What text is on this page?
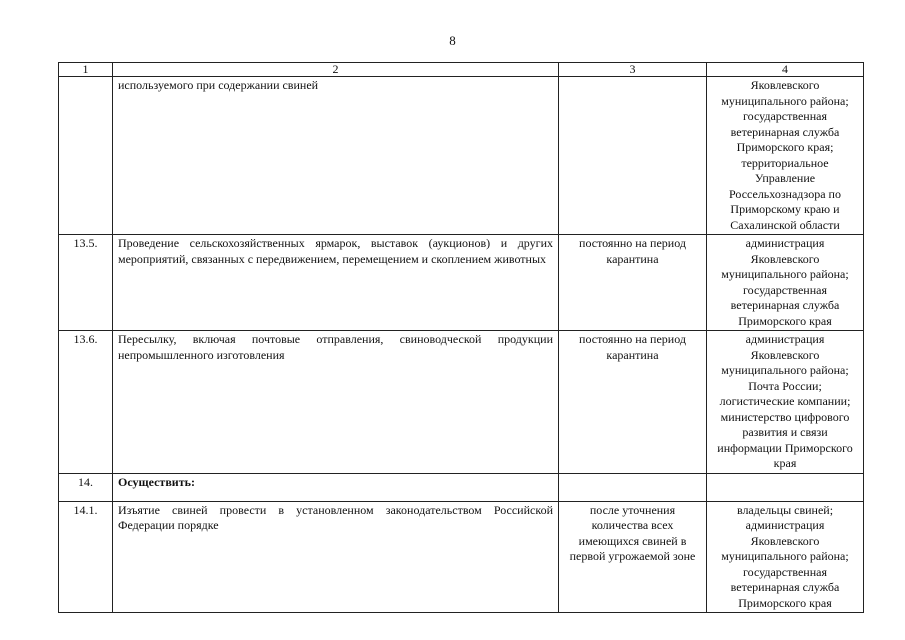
8
1	2	3	4
	используемого при содержании свиней		Яковлевского муниципального района; государственная ветеринарная служба Приморского края; территориальное Управление Россельхознадзора по Приморскому краю и Сахалинской области
13.5.	Проведение сельскохозяйственных ярмарок, выставок (аукционов) и других мероприятий, связанных с передвижением, перемещением и скоплением животных	постоянно на период карантина	администрация Яковлевского муниципального района; государственная ветеринарная служба Приморского края
13.6.	Пересылку, включая почтовые отправления, свиноводческой продукции непромышленного изготовления	постоянно на период карантина	администрация Яковлевского муниципального района; Почта России; логистические компании; министерство цифрового развития и связи информации Приморского края
14.	Осуществить:		
14.1.	Изъятие свиней провести в установленном законодательством Российской Федерации порядке	после уточнения количества всех имеющихся свиней в первой угрожаемой зоне	владельцы свиней; администрация Яковлевского муниципального района; государственная ветеринарная служба Приморского края
